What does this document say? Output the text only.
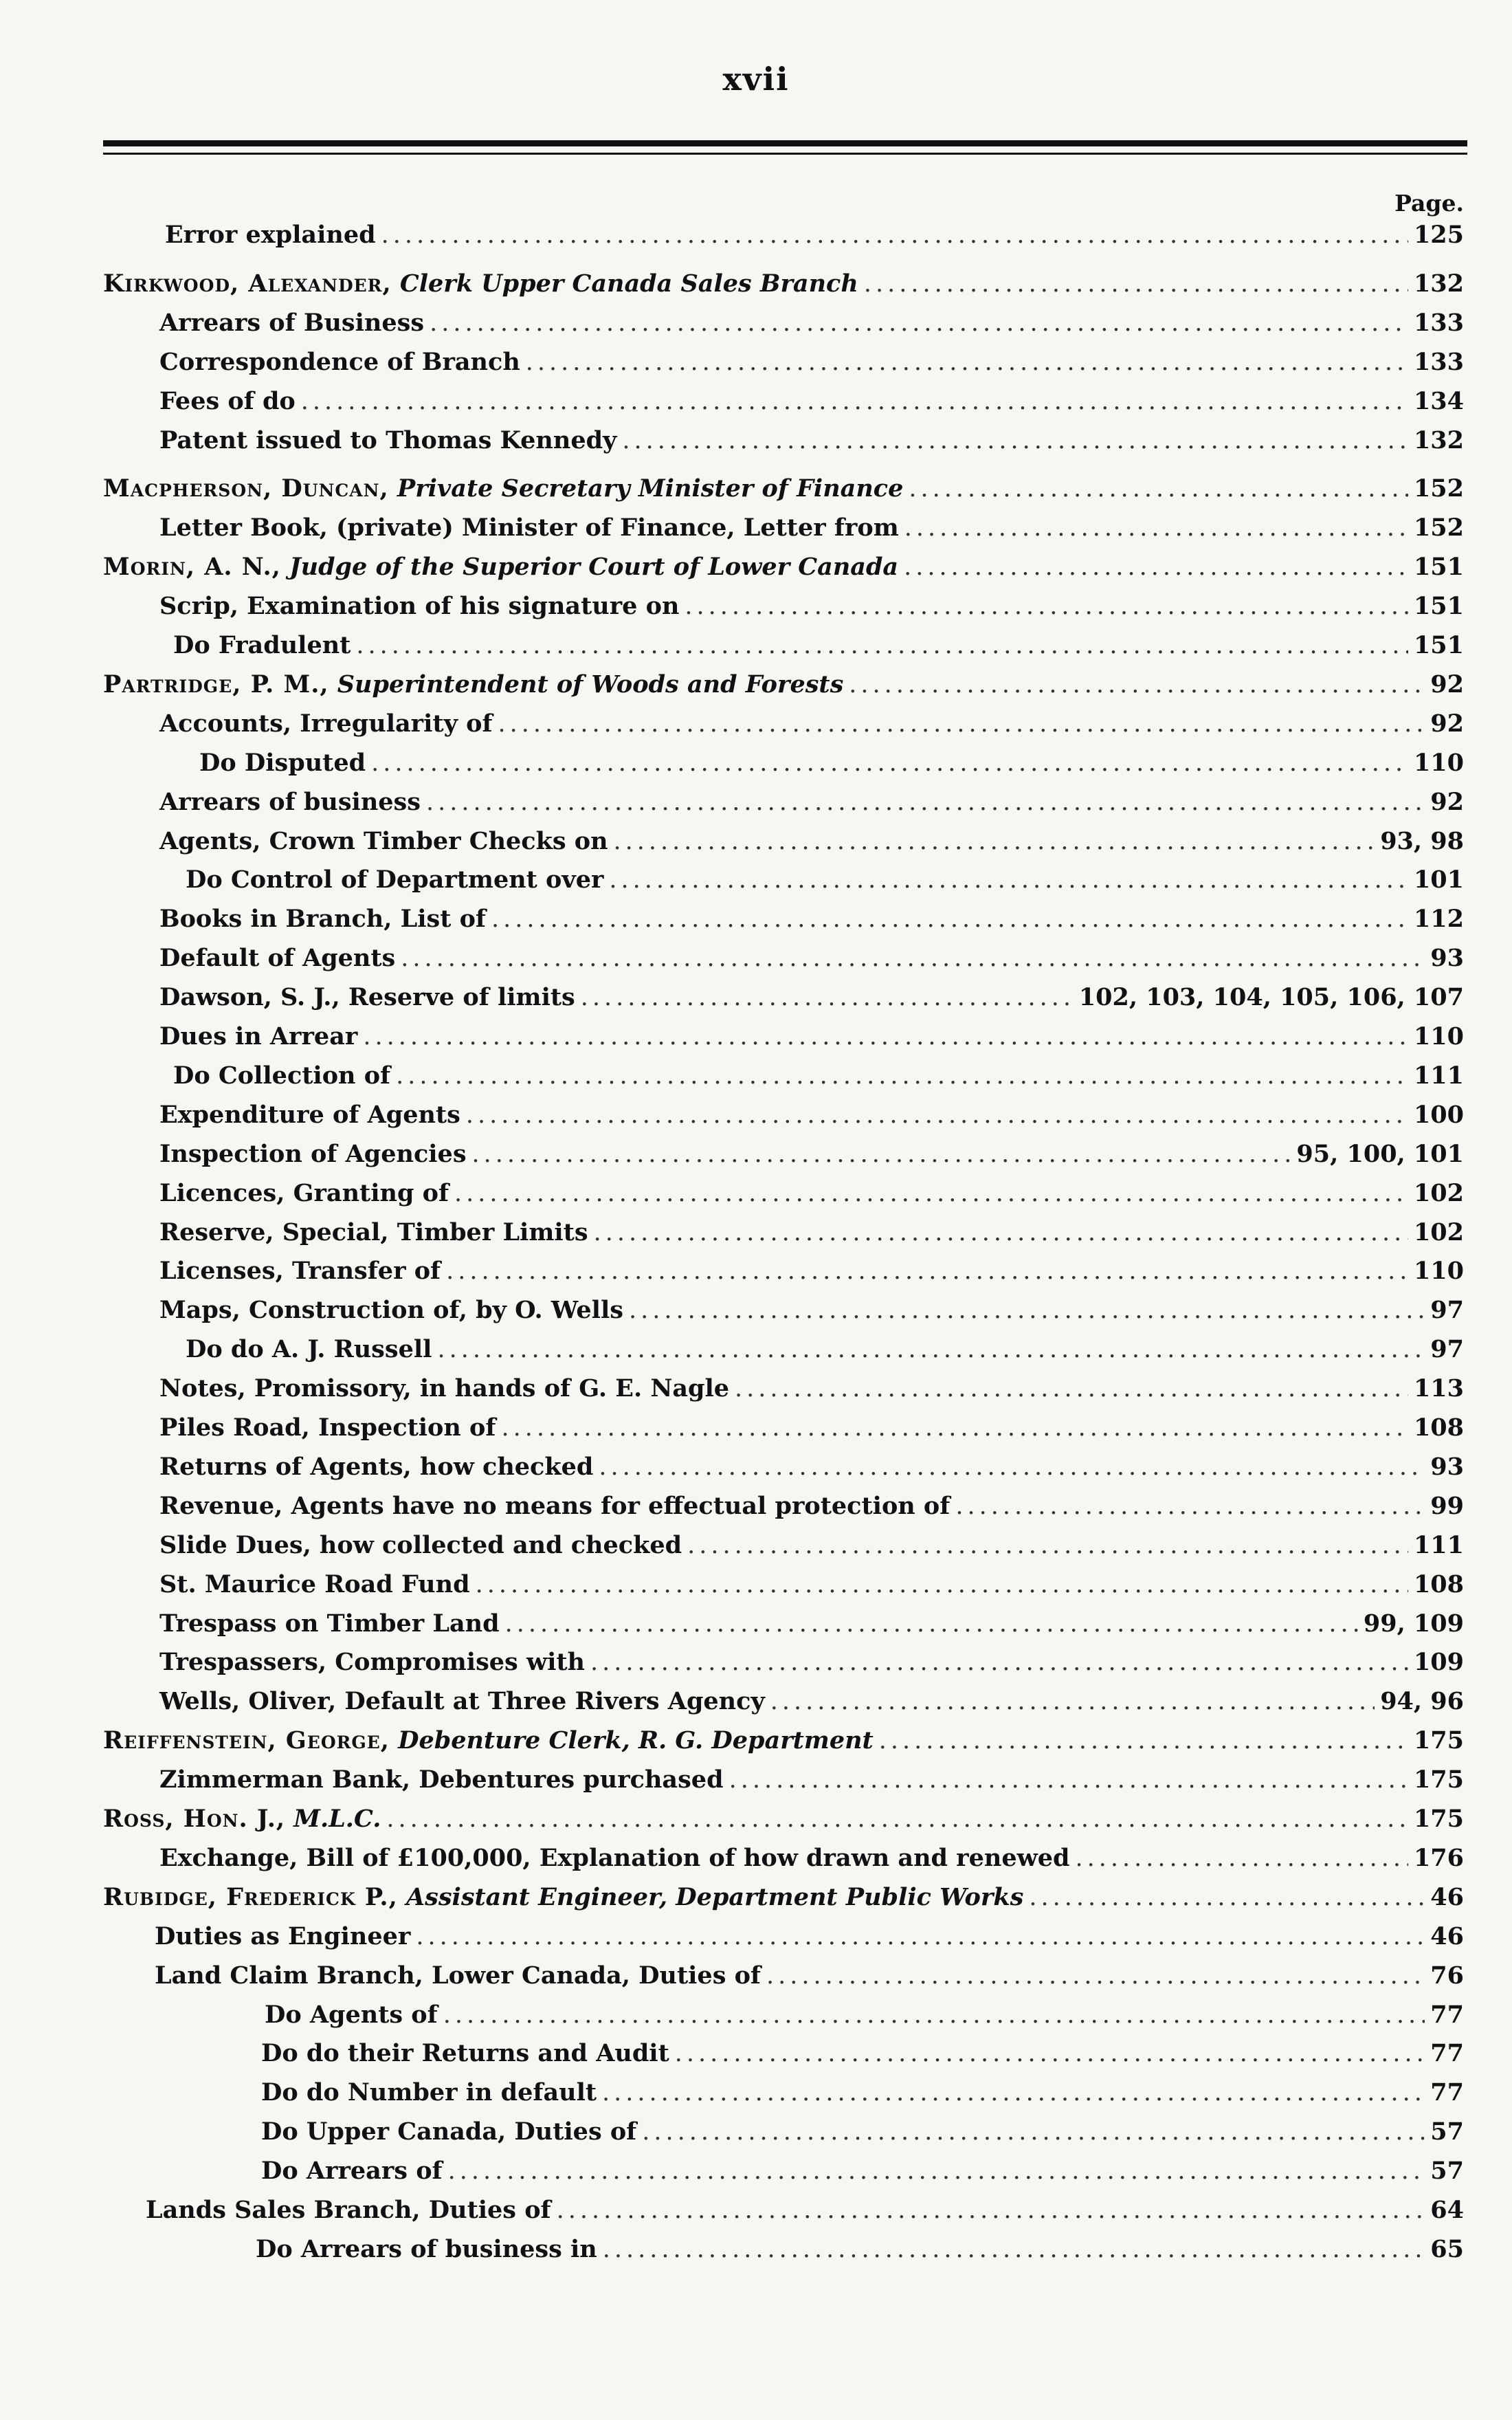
xvii
Page.
Error explained .....	125
Kirkwood, Alexander, Clerk Upper Canada Sales Branch .....	132
Arrears of Business .....	133
Correspondence of Branch .....	133
Fees of do .....	134
Patent issued to Thomas Kennedy .....	132
Macpherson, Duncan, Private Secretary Minister of Finance .....	152
Letter Book, (private) Minister of Finance, Letter from .....	152
Morin, A. N., Judge of the Superior Court of Lower Canada .....	151
Scrip, Examination of his signature on .....	151
Do Fradulent .....	151
Partridge, P. M., Superintendent of Woods and Forests .....	92
Accounts, Irregularity of .....	92
Do Disputed .....	110
Arrears of business .....	92
Agents, Crown Timber Checks on .....	93, 98
Do Control of Department over .....	101
Books in Branch, List of .....	112
Default of Agents .....	93
Dawson, S. J., Reserve of limits .....	102, 103, 104, 105, 106, 107
Dues in Arrear .....	110
Do Collection of .....	111
Expenditure of Agents .....	100
Inspection of Agencies .....	95, 100, 101
Licences, Granting of .....	102
Reserve, Special, Timber Limits .....	102
Licenses, Transfer of .....	110
Maps, Construction of, by O. Wells .....	97
Do do A. J. Russell .....	97
Notes, Promissory, in hands of G. E. Nagle .....	113
Piles Road, Inspection of .....	108
Returns of Agents, how checked .....	93
Revenue, Agents have no means for effectual protection of .....	99
Slide Dues, how collected and checked .....	111
St. Maurice Road Fund .....	108
Trespass on Timber Land .....	99, 109
Trespassers, Compromises with .....	109
Wells, Oliver, Default at Three Rivers Agency .....	94, 96
Reiffenstein, George, Debenture Clerk, R. G. Department .....	175
Zimmerman Bank, Debentures purchased .....	175
Ross, Hon. J., M.L.C. .....	175
Exchange, Bill of £100,000, Explanation of how drawn and renewed .....	176
Rubidge, Frederick P., Assistant Engineer, Department Public Works .....	46
Duties as Engineer .....	46
Land Claim Branch, Lower Canada, Duties of .....	76
Do Agents of .....	77
Do do their Returns and Audit .....	77
Do do Number in default .....	77
Do Upper Canada, Duties of .....	57
Do Arrears of .....	57
Lands Sales Branch, Duties of .....	64
Do Arrears of business in .....	65
